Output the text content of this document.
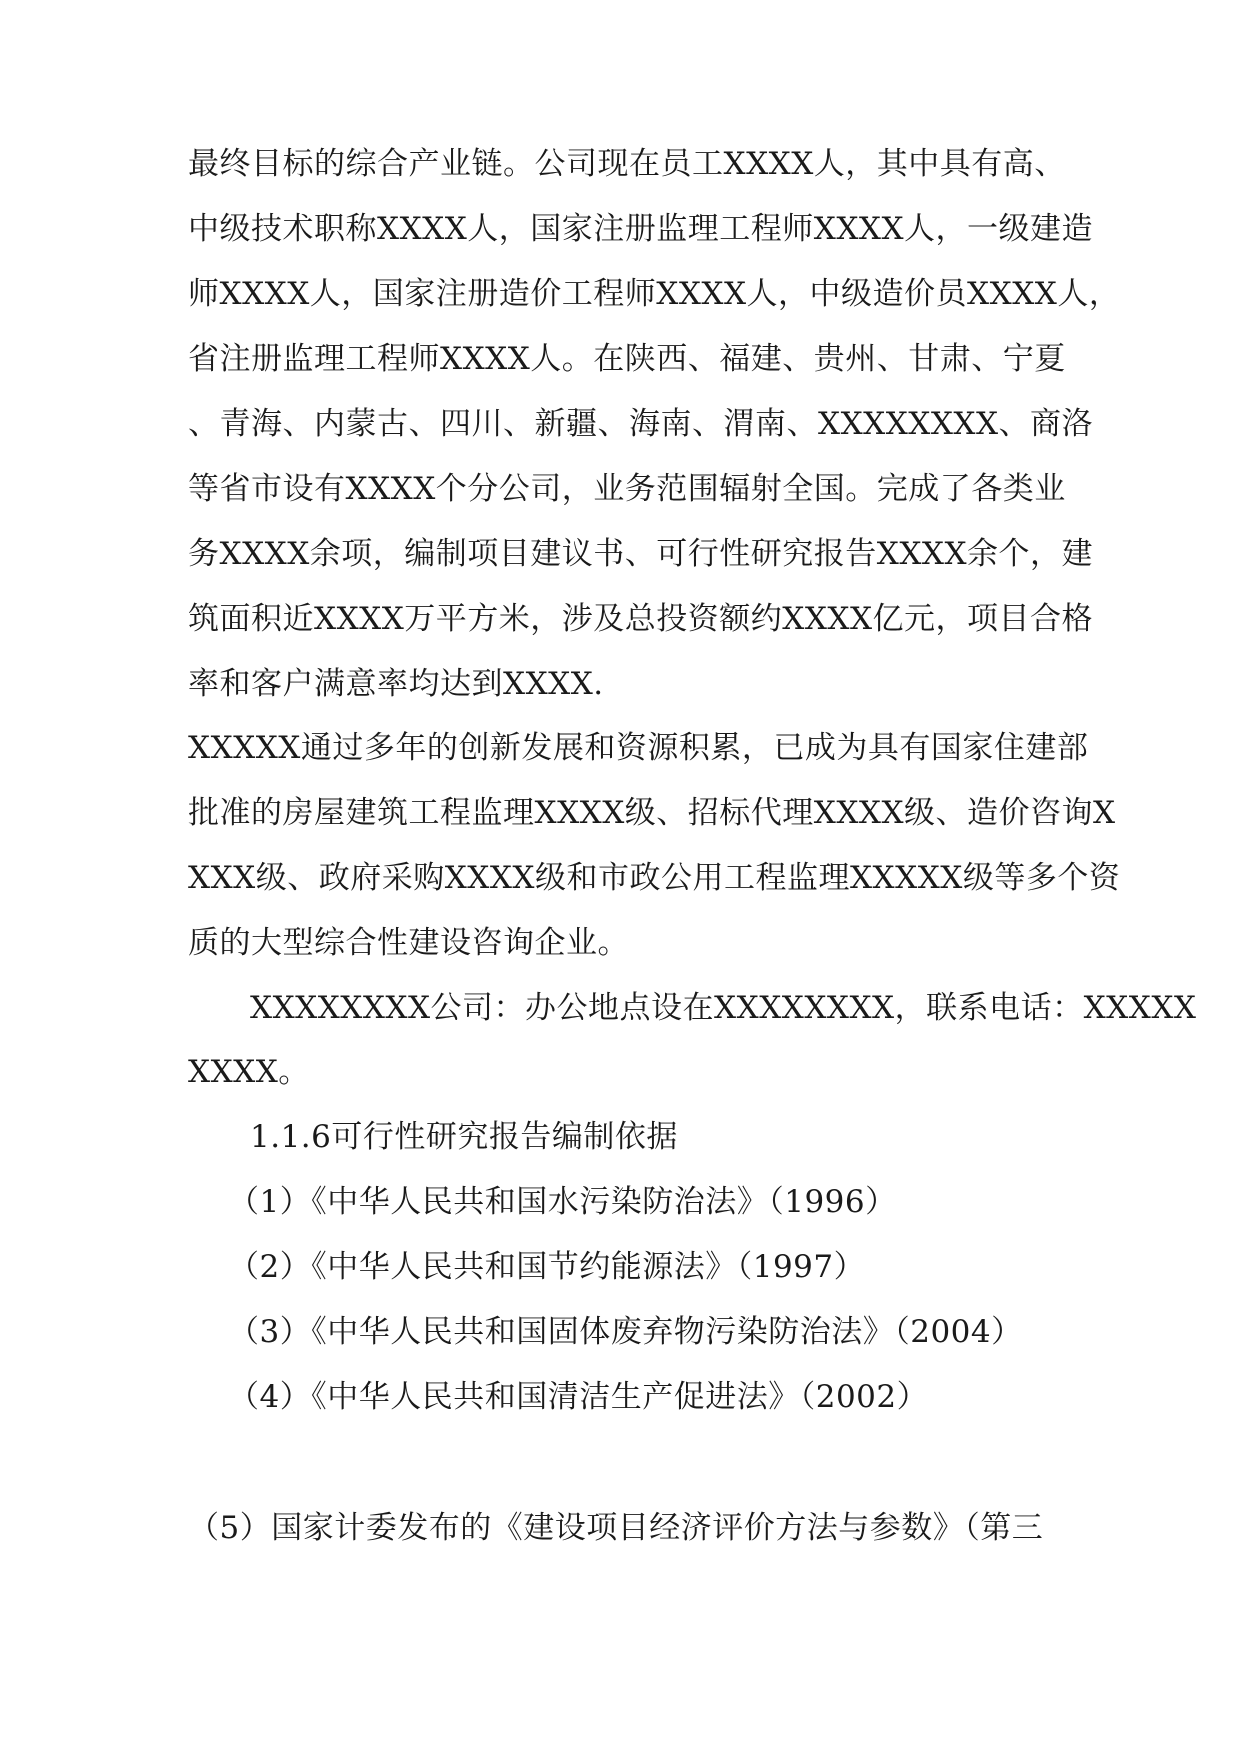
最终目标的综合产业链。公司现在员工XXXX人，其中具有高、
中级技术职称XXXX人，国家注册监理工程师XXXX人，一级建造
师XXXX人，国家注册造价工程师XXXX人，中级造价员XXXX人，
省注册监理工程师XXXX人。在陕西、福建、贵州、甘肃、宁夏
、青海、内蒙古、四川、新疆、海南、渭南、XXXXXXXX、商洛
等省市设有XXXX个分公司，业务范围辐射全国。完成了各类业
务XXXX余项，编制项目建议书、可行性研究报告XXXX余个，建
筑面积近XXXX万平方米，涉及总投资额约XXXX亿元，项目合格
率和客户满意率均达到XXXX.
XXXXX通过多年的创新发展和资源积累，已成为具有国家住建部
批准的房屋建筑工程监理XXXX级、招标代理XXXX级、造价咨询X
XXX级、政府采购XXXX级和市政公用工程监理XXXXX级等多个资
质的大型综合性建设咨询企业。
XXXXXXXX公司：办公地点设在XXXXXXXX，联系电话：XXXXX
XXXX。
1.1.6可行性研究报告编制依据
（1）《中华人民共和国水污染防治法》（1996）
（2）《中华人民共和国节约能源法》（1997）
（3）《中华人民共和国固体废弃物污染防治法》（2004）
（4）《中华人民共和国清洁生产促进法》（2002）
（5）国家计委发布的《建设项目经济评价方法与参数》（第三
